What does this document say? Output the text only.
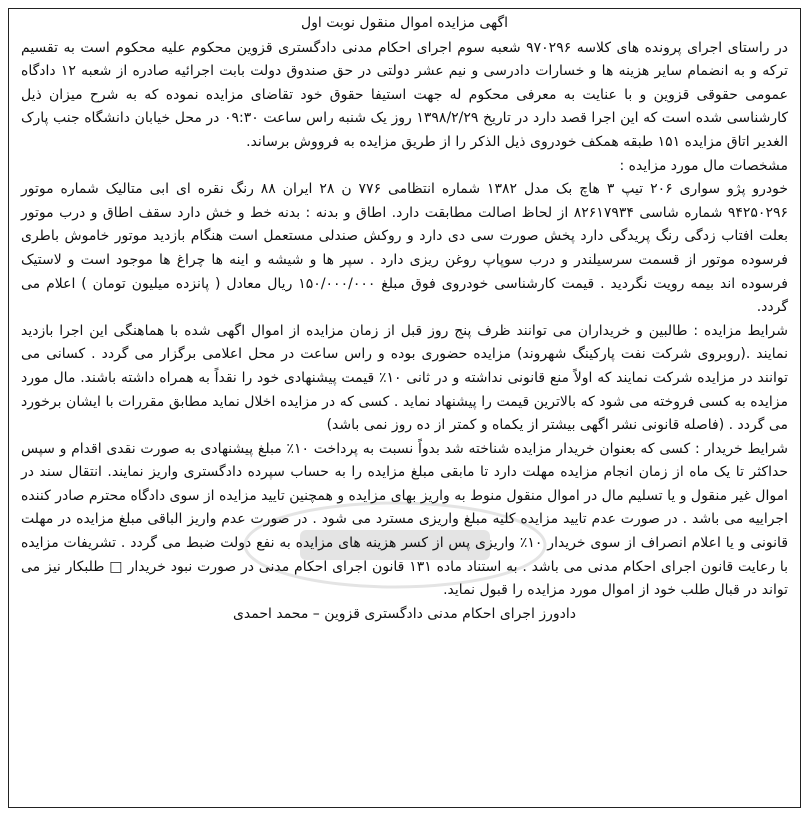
اگهی مزایده اموال منقول نوبت اول

در راستای اجرای پرونده های کلاسه ۹۷۰۲۹۶ شعبه سوم اجرای احکام مدنی دادگستری قزوین محکوم علیه محکوم است به تقسیم ترکه و به انضمام سایر هزینه ها و خسارات دادرسی و نیم عشر دولتی در حق صندوق دولت بابت اجرائیه صادره از شعبه ۱۲ دادگاه عمومی حقوقی قزوین و با عنایت به معرفی محکوم له جهت استیفا حقوق خود تقاضای مزایده نموده که به شرح میزان ذیل کارشناسی شده است که این اجرا قصد دارد در تاریخ ۱۳۹۸/۲/۲۹ روز یک شنبه راس ساعت ۰۹:۳۰ در محل خیابان دانشگاه جنب پارک الغدیر اتاق مزایده ۱۵۱ طبقه همکف خودروی ذیل الذکر را از طریق مزایده به فرووش برساند.

مشخصات مال مورد مزایده :

خودرو پژو سواری ۲۰۶ تیپ ۳ هاچ بک مدل ۱۳۸۲ شماره انتظامی ۷۷۶ ن ۲۸ ایران ۸۸ رنگ نقره ای ابی متالیک شماره موتور ۹۴۲۵۰۲۹۶ شماره شاسی ۸۲۶۱۷۹۳۴ از لحاظ اصالت مطابقت دارد. اطاق و بدنه : بدنه خط و خش دارد سقف اطاق و درب موتور بعلت افتاب زدگی رنگ پریدگی دارد پخش صورت سی دی دارد و روکش صندلی مستعمل است هنگام بازدید موتور خاموش باطری فرسوده موتور از قسمت سرسیلندر و درب سوپاپ روغن ریزی دارد . سپر ها و شیشه و اینه ها چراغ ها موجود است و لاستیک فرسوده اند بیمه رویت نگردید . قیمت کارشناسی خودروی فوق مبلغ ۱۵۰/۰۰۰/۰۰۰ ریال معادل ( پانزده میلیون تومان ) اعلام می گردد.

شرایط مزایده : طالبین و خریداران می توانند ظرف پنج روز قبل از زمان مزایده از اموال اگهی شده با هماهنگی این اجرا بازدید نمایند .(روبروی شرکت نفت پارکینگ شهروند) مزایده حضوری بوده و راس ساعت در محل اعلامی برگزار می گردد . کسانی می توانند در مزایده شرکت نمایند که اولاً منع قانونی نداشته و در ثانی ۱۰٪ قیمت پیشنهادی خود را نقداً به همراه داشته باشند. مال مورد مزایده به کسی فروخته می شود که بالاترین قیمت را پیشنهاد نماید . کسی که در مزایده اخلال نماید مطابق مقررات با ایشان برخورد می گردد . (فاصله قانونی نشر اگهی بیشتر از یکماه و کمتر از ده روز نمی باشد)

شرایط خریدار : کسی که بعنوان خریدار مزایده شناخته شد بدواً نسبت به پرداخت ۱۰٪ مبلغ پیشنهادی به صورت نقدی اقدام و سپس حداکثر تا یک ماه از زمان انجام مزایده مهلت دارد تا مابقی مبلغ مزایده را به حساب سپرده دادگستری واریز نمایند. انتقال سند در اموال غیر منقول و یا تسلیم مال در اموال منقول منوط به واریز بهای مزایده و همچنین تایید مزایده از سوی دادگاه محترم صادر کننده اجراییه می باشد . در صورت عدم تایید مزایده کلیه مبلغ واریزی مسترد می شود . در صورت عدم واریز الباقی مبلغ مزایده در مهلت قانونی و یا اعلام انصراف از سوی خریدار ۱۰٪ واریزی پس از کسر هزینه های مزایده به نفع دولت ضبط می گردد . تشریفات مزایده با رعایت قانون اجرای احکام مدنی می باشد . به استناد ماده ۱۳۱ قانون اجرای احکام مدنی در صورت نبود خریدار □ طلبکار نیز می تواند در قبال طلب خود از اموال مورد مزایده را قبول نماید.

دادورز اجرای احکام مدنی دادگستری قزوین – محمد احمدی
